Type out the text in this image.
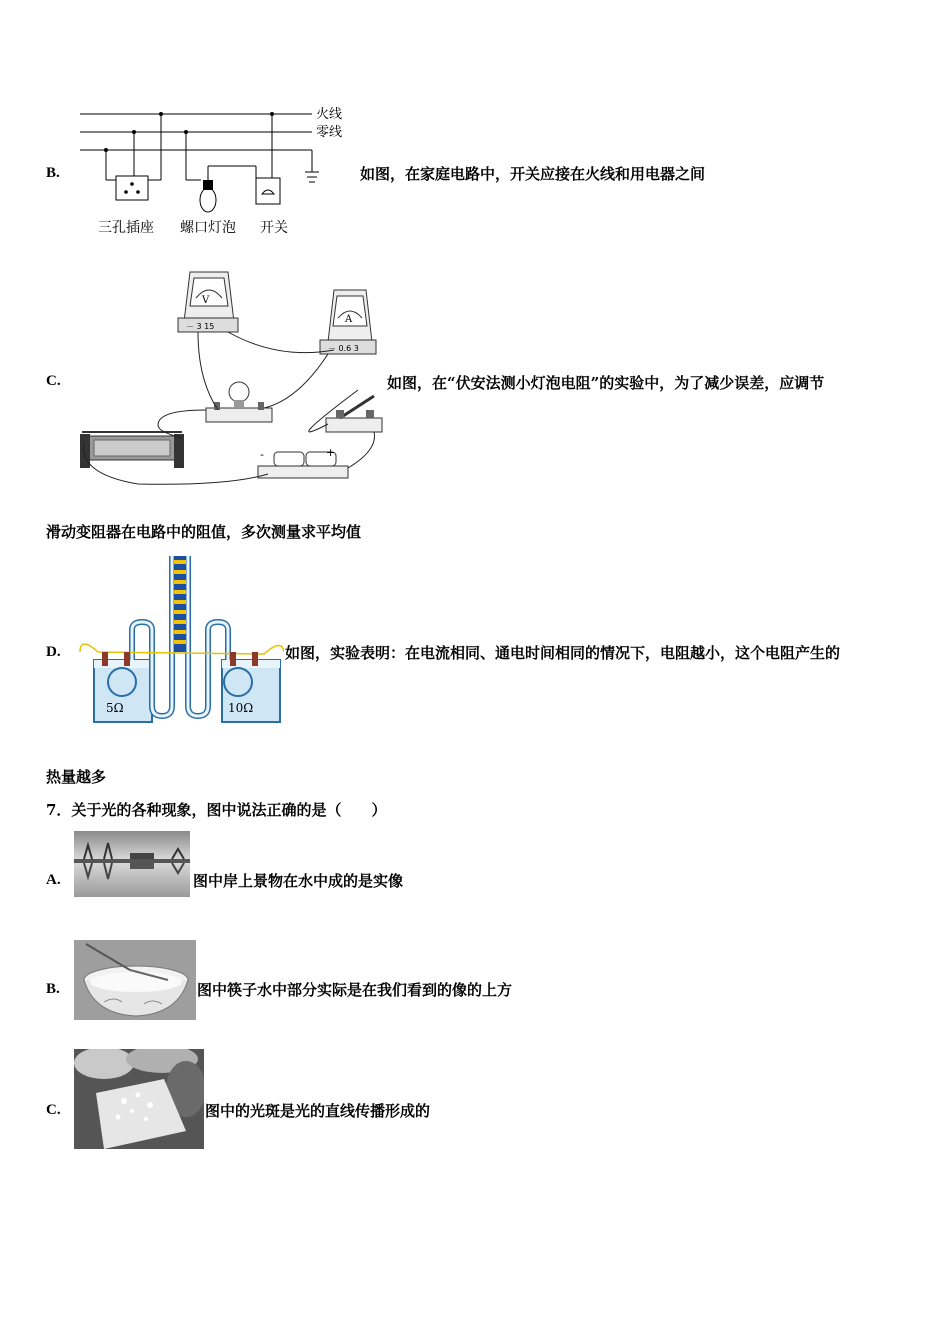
B.
火线
零线
三孔插座 螺口灯泡 开关
如图，在家庭电路中，开关应接在火线和用电器之间
C.
V
－ 3 15
A
－ 0.6 3
-	+
如图，在“伏安法测小灯泡电阻”的实验中，为了减少误差，应调节
滑动变阻器在电路中的阻值，多次测量求平均值
D.
5Ω	10Ω
如图，实验表明：在电流相同、通电时间相同的情况下，电阻越小，这个电阻产生的
热量越多
7．关于光的各种现象，图中说法正确的是（　　）
A.	图中岸上景物在水中成的是实像
B.	图中筷子水中部分实际是在我们看到的像的上方
C.	图中的光斑是光的直线传播形成的
